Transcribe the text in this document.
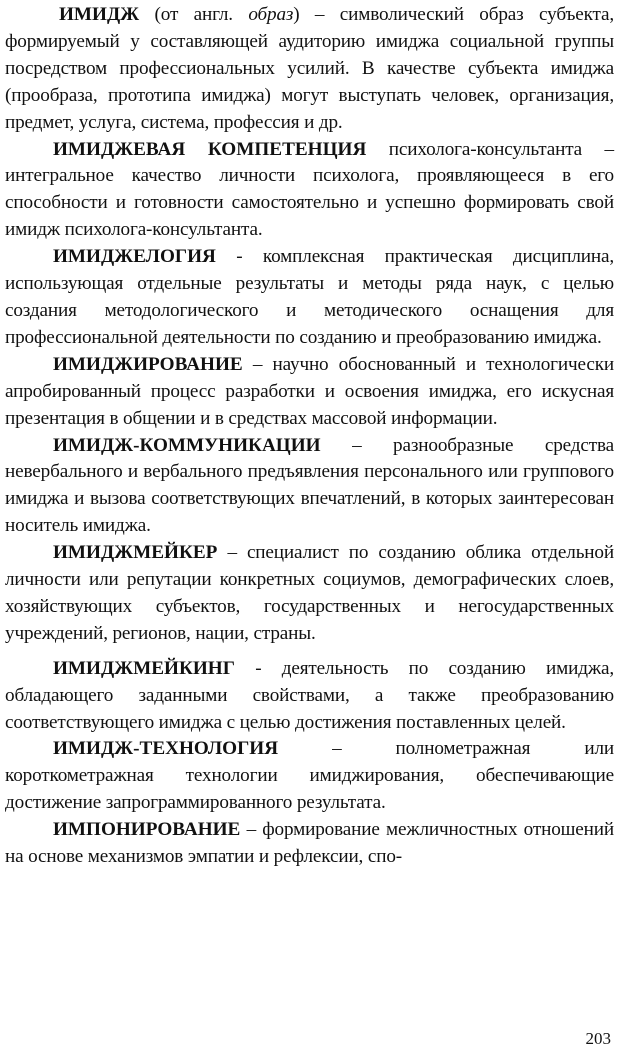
ИМИДЖ (от англ. образ) – символический образ субъекта, формируемый у составляющей аудиторию имиджа социальной группы посредством профессиональных усилий. В качестве субъекта имиджа (прообраза, прототипа имиджа) могут выступать человек, организация, предмет, услуга, система, профессия и др.

ИМИДЖЕВАЯ КОМПЕТЕНЦИЯ психолога-консультанта – интегральное качество личности психолога, проявляющееся в его способности и готовности самостоятельно и успешно формировать свой имидж психолога-консультанта.

ИМИДЖЕЛОГИЯ - комплексная практическая дисциплина, использующая отдельные результаты и методы ряда наук, с целью создания методологического и методического оснащения для профессиональной деятельности по созданию и преобразованию имиджа.

ИМИДЖИРОВАНИЕ – научно обоснованный и технологически апробированный процесс разработки и освоения имиджа, его искусная презентация в общении и в средствах массовой информации.

ИМИДЖ-КОММУНИКАЦИИ – разнообразные средства невербального и вербального предъявления персонального или группового имиджа и вызова соответствующих впечатлений, в которых заинтересован носитель имиджа.

ИМИДЖМЕЙКЕР – специалист по созданию облика отдельной личности или репутации конкретных социумов, демографических слоев, хозяйствующих субъектов, государственных и негосударственных учреждений, регионов, нации, страны.

ИМИДЖМЕЙКИНГ - деятельность по созданию имиджа, обладающего заданными свойствами, а также преобразованию соответствующего имиджа с целью достижения поставленных целей.

ИМИДЖ-ТЕХНОЛОГИЯ – полнометражная или короткометражная технологии имиджирования, обеспечивающие достижение запрограммированного результата.

ИМПОНИРОВАНИЕ – формирование межличностных отношений на основе механизмов эмпатии и рефлексии, спо-

203
